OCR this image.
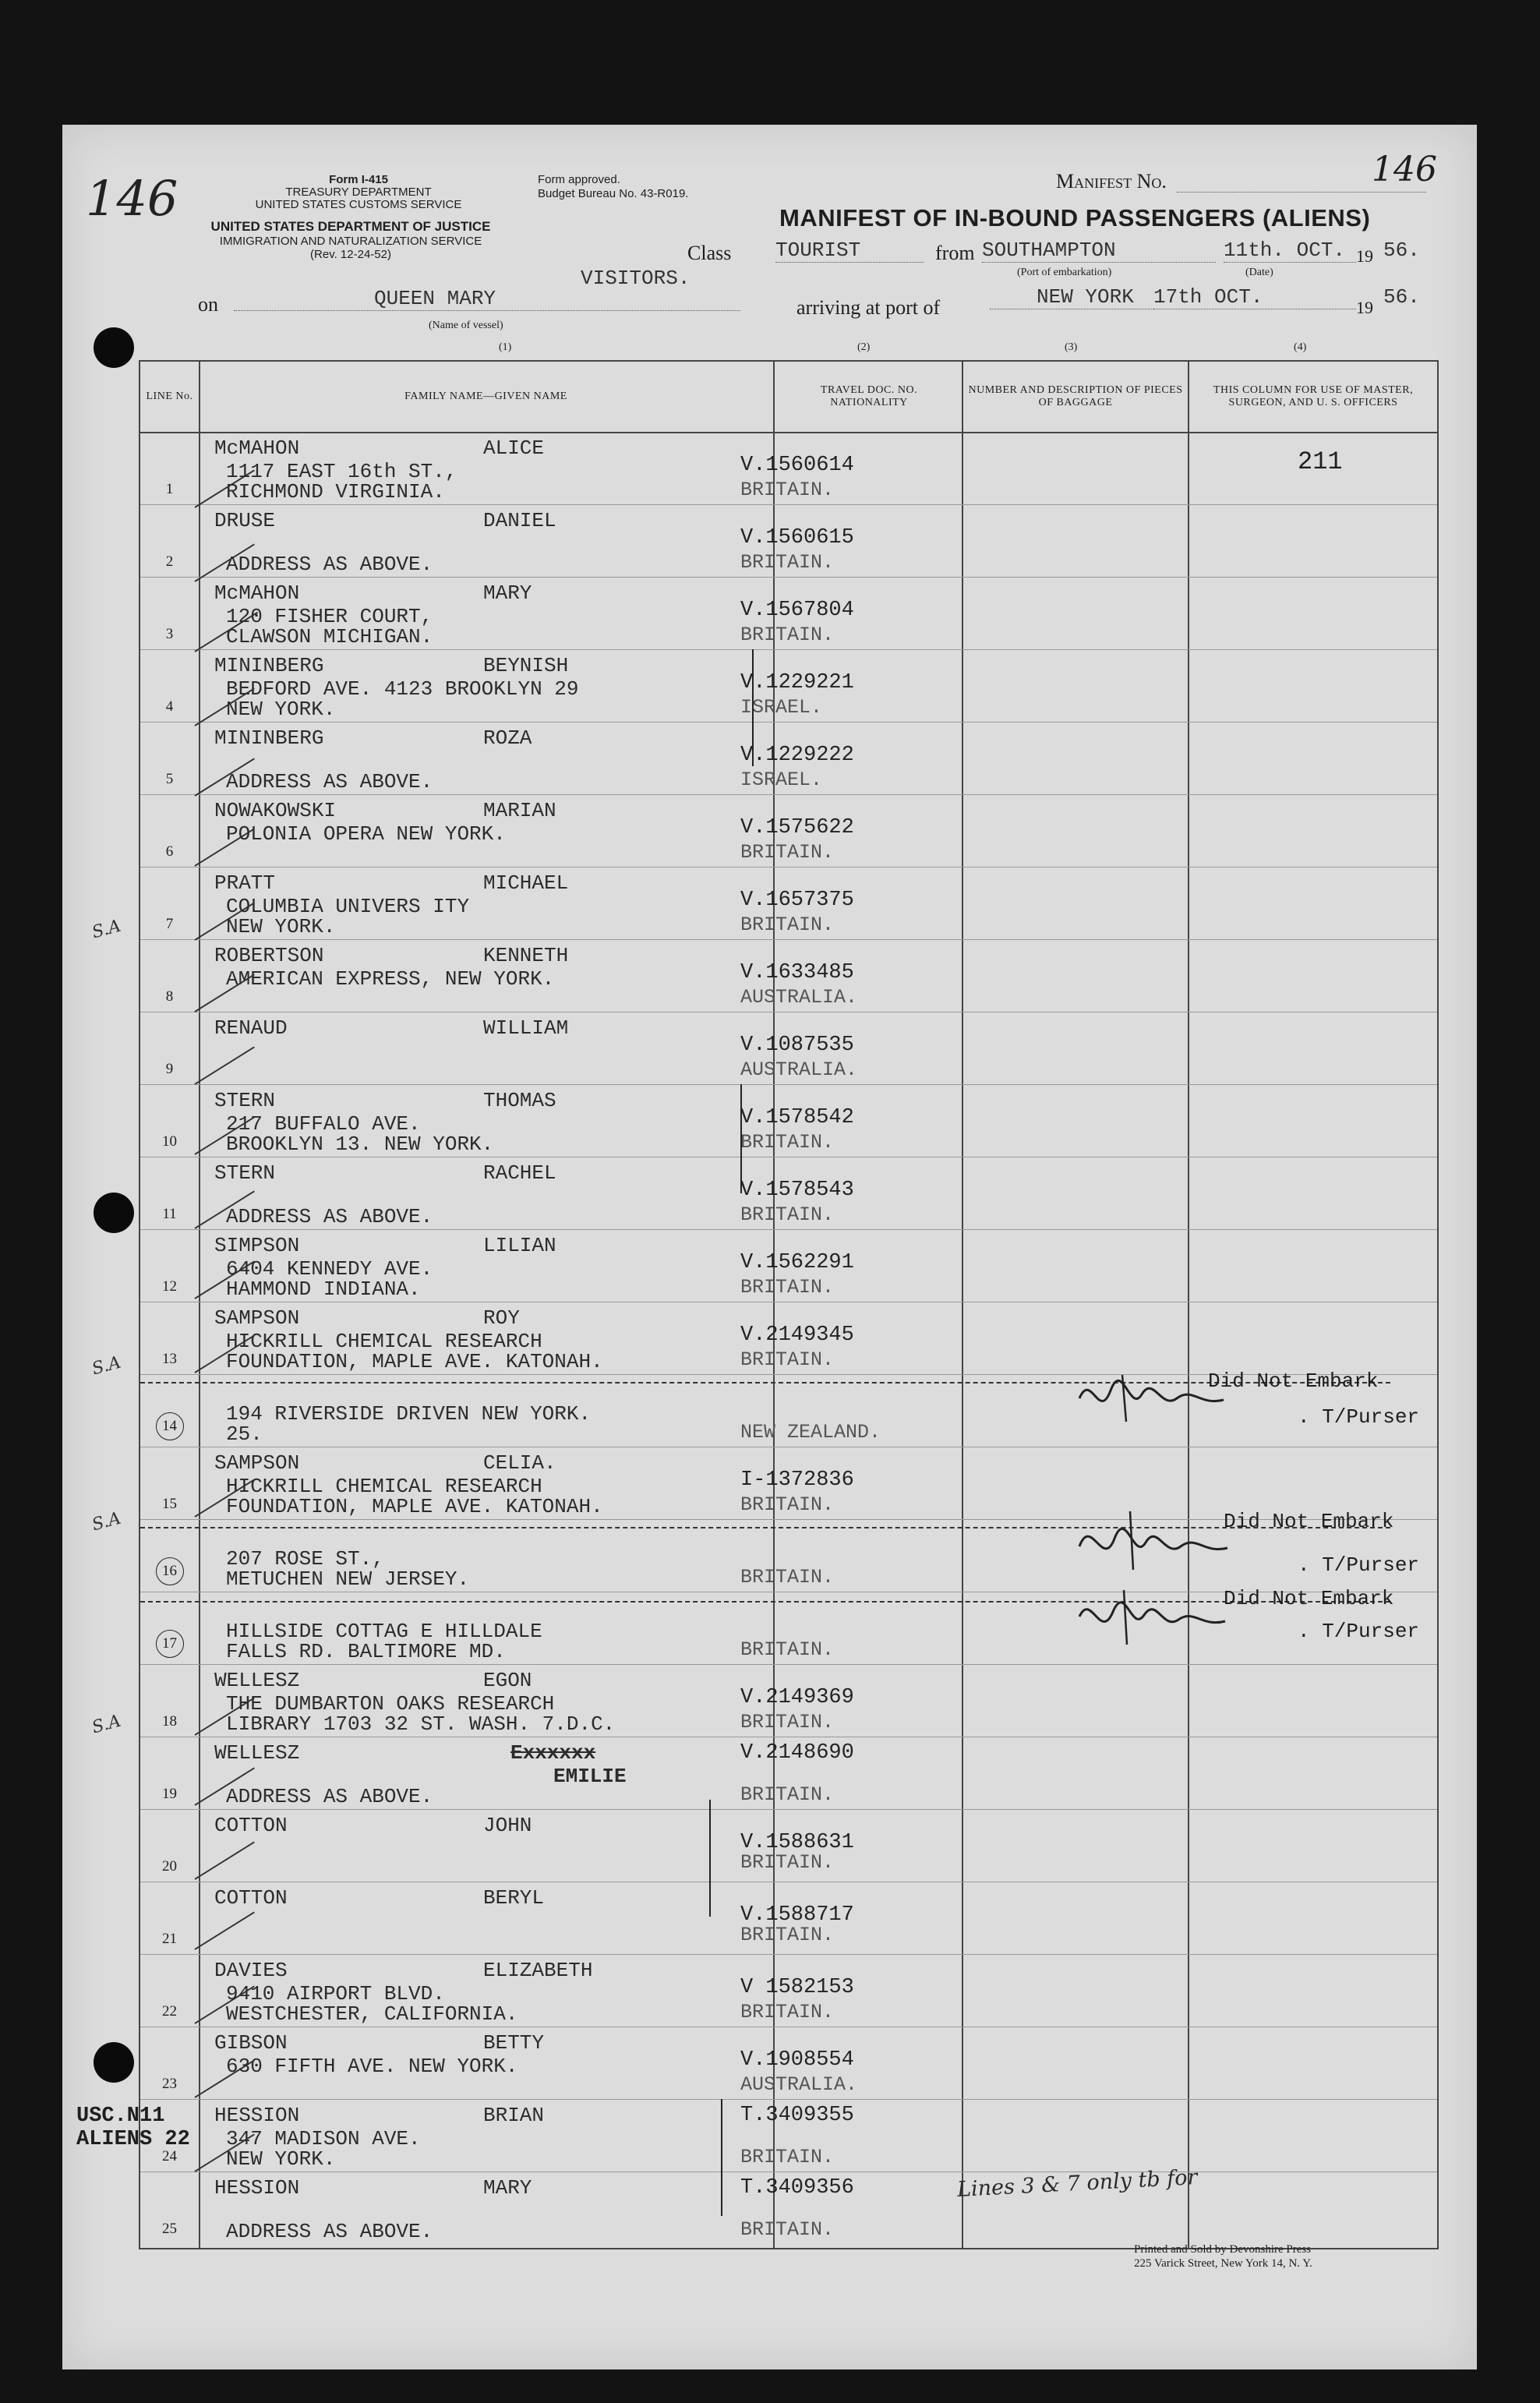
146
USC.N11
ALIENS 22
S.A
S.A
S.A
S.A
Form I-415
TREASURY DEPARTMENT
UNITED STATES CUSTOMS SERVICE
UNITED STATES DEPARTMENT OF JUSTICE
IMMIGRATION AND NATURALIZATION SERVICE
(Rev. 12-24-52)
Form approved.
Budget Bureau No. 43-R019.
Manifest No.	146
MANIFEST OF IN-BOUND PASSENGERS (ALIENS)
Class TOURIST	from SOUTHAMPTON	11th. OCT. 19 56.
(Port of embarkation)	(Date)
VISITORS.
on	QUEEN MARY
(Name of vessel)
arriving at port of	NEW YORK 17th OCT.	19 56.
(1)	(2)	(3)	(4)
LINE No.	FAMILY NAME—GIVEN NAME
TRAVEL DOC. NO. NATIONALITY
NUMBER AND DESCRIPTION OF PIECES OF BAGGAGE
THIS COLUMN FOR USE OF MASTER, SURGEON, AND U. S. OFFICERS
1
McMAHON	ALICE
1117 EAST 16th ST.,
RICHMOND VIRGINIA.
V.1560614
BRITAIN.
211
2
DRUSE	DANIEL
ADDRESS AS ABOVE.
V.1560615
BRITAIN.
3
McMAHON	MARY
120 FISHER COURT,
CLAWSON MICHIGAN.
V.1567804
BRITAIN.
4
MININBERG	BEYNISH
BEDFORD AVE. 4123 BROOKLYN 29
NEW YORK.
V.1229221
ISRAEL.
5
MININBERG	ROZA
ADDRESS AS ABOVE.
V.1229222
ISRAEL.
6
NOWAKOWSKI	MARIAN
POLONIA OPERA NEW YORK.	V.1575622
BRITAIN.
7
PRATT	MICHAEL
COLUMBIA UNIVERS ITY
NEW YORK.
V.1657375
BRITAIN.
8
ROBERTSON	KENNETH
AMERICAN EXPRESS, NEW YORK.	V.1633485
AUSTRALIA.
9
RENAUD	WILLIAM
V.1087535
AUSTRALIA.
10
STERN	THOMAS
217 BUFFALO AVE.
BROOKLYN 13. NEW YORK.
V.1578542
BRITAIN.
11
STERN	RACHEL
ADDRESS AS ABOVE.
V.1578543
BRITAIN.
12
SIMPSON	LILIAN
6404 KENNEDY AVE.
HAMMOND INDIANA.
V.1562291
BRITAIN.
13
SAMPSON	ROY
HICKRILL CHEMICAL RESEARCH
FOUNDATION, MAPLE AVE. KATONAH.
V.2149345
BRITAIN.
14
194 RIVERSIDE DRIVEN NEW YORK.
25.	NEW ZEALAND.
Did Not Embark
. T/Purser
15
SAMPSON	CELIA.
HICKRILL CHEMICAL RESEARCH
FOUNDATION, MAPLE AVE. KATONAH.
I-1372836
BRITAIN.
16
207 ROSE ST.,
METUCHEN NEW JERSEY.	BRITAIN.
Did Not Embark
. T/Purser
17
HILLSIDE COTTAG E HILLDALE
FALLS RD. BALTIMORE MD.	BRITAIN.
Did Not Embark
. T/Purser
18
WELLESZ	EGON
THE DUMBARTON OAKS RESEARCH
LIBRARY 1703 32 ST. WASH. 7.D.C.
V.2149369
BRITAIN.
19
WELLESZ	Exxxxxx
EMILIE
ADDRESS AS ABOVE.
V.2148690
BRITAIN.
20
COTTON	JOHN
V.1588631
BRITAIN.
21
COTTON	BERYL
V.1588717
BRITAIN.
22
DAVIES	ELIZABETH
9410 AIRPORT BLVD.
WESTCHESTER, CALIFORNIA.
V 1582153
BRITAIN.
23
GIBSON	BETTY
630 FIFTH AVE. NEW YORK.	V.1908554
AUSTRALIA.
24
HESSION	BRIAN
347 MADISON AVE.
NEW YORK.
T.3409355
BRITAIN.
25
HESSION	MARY
ADDRESS AS ABOVE.
T.3409356
BRITAIN.
Lines 3 & 7 only tb for
Printed and Sold by Devonshire Press
225 Varick Street, New York 14, N. Y.
